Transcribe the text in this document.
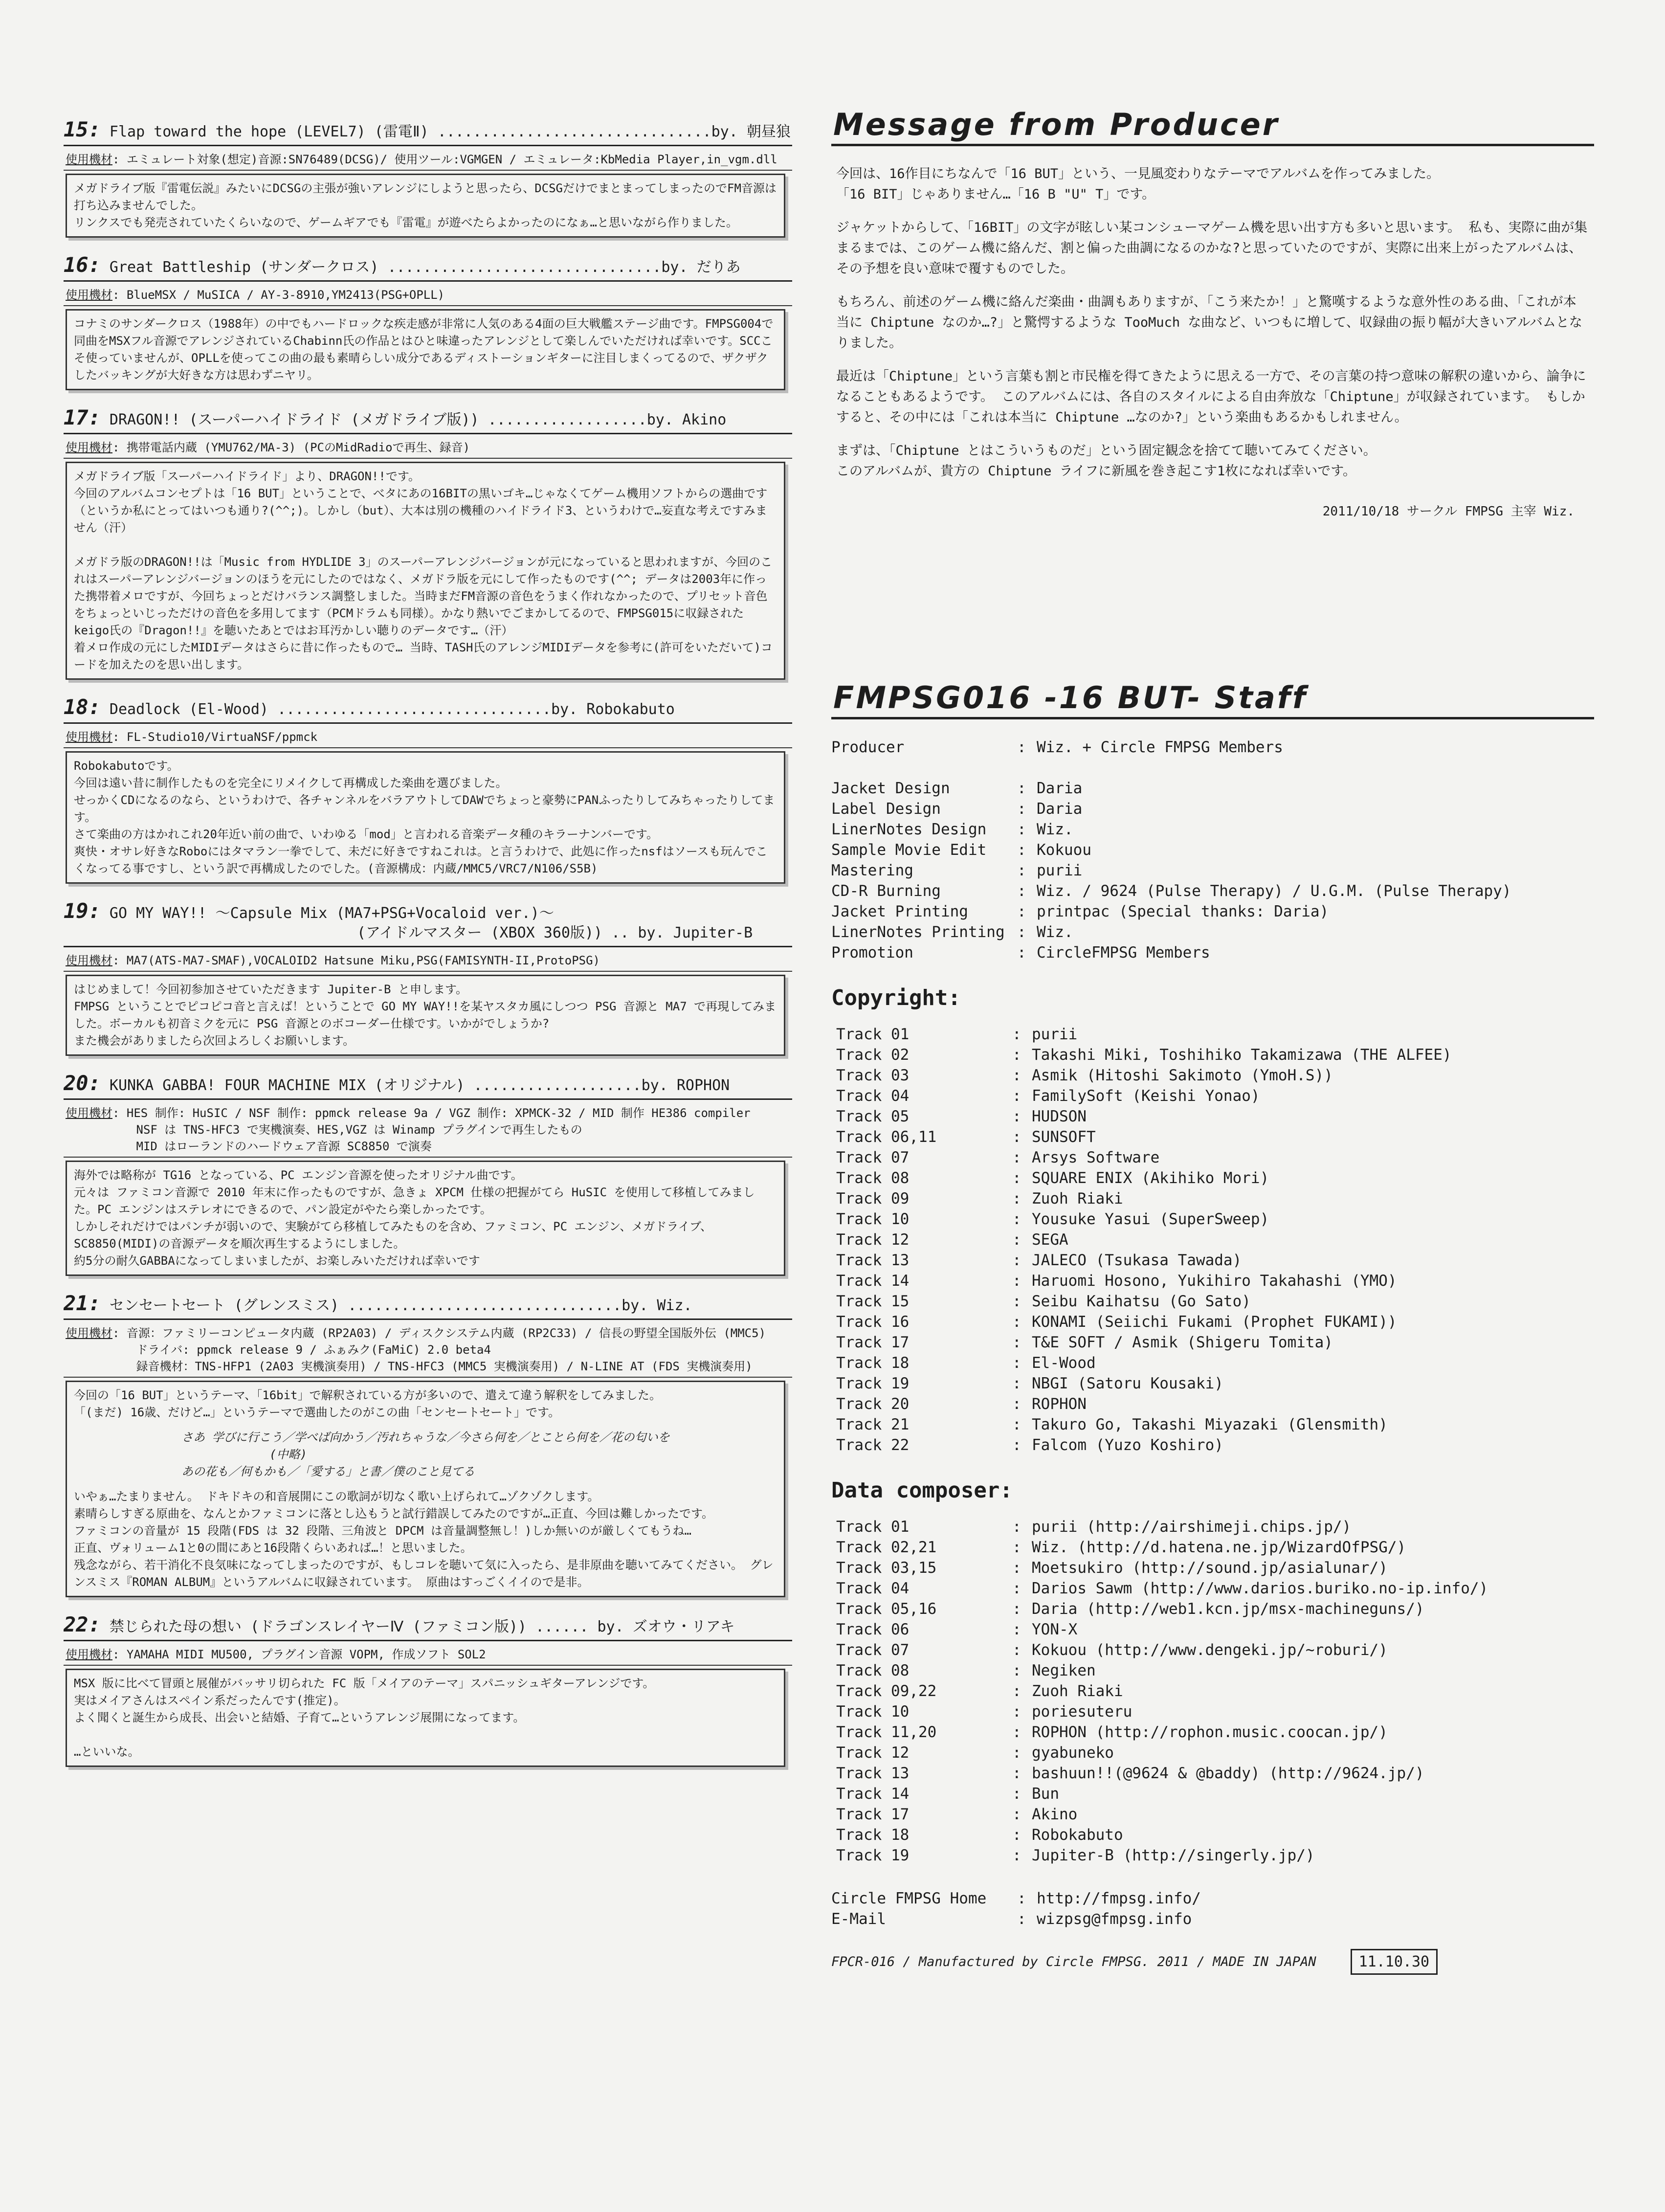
15: Flap toward the hope (LEVEL7) (雷電Ⅱ) ...............................by. 朝昼狼
使用機材: エミュレート対象(想定)音源:SN76489(DCSG)/ 使用ツール:VGMGEN / エミュレータ:KbMedia Player,in_vgm.dll
メガドライブ版『雷電伝説』みたいにDCSGの主張が強いアレンジにしようと思ったら、DCSGだけでまとまってしまったのでFM音源は打ち込みませんでした。
リンクスでも発売されていたくらいなので、ゲームギアでも『雷電』が遊べたらよかったのになぁ…と思いながら作りました。
16: Great Battleship (サンダークロス) ...............................by. だりあ
使用機材: BlueMSX / MuSICA / AY-3-8910,YM2413(PSG+OPLL)
コナミのサンダークロス（1988年）の中でもハードロックな疾走感が非常に人気のある4面の巨大戦艦ステージ曲です。FMPSG004で同曲をMSXフル音源でアレンジされているChabinn氏の作品とはひと味違ったアレンジとして楽しんでいただければ幸いです。SCCこそ使っていませんが、OPLLを使ってこの曲の最も素晴らしい成分であるディストーションギターに注目しまくってるので、ザクザクしたバッキングが大好きな方は思わずニヤリ。
17: DRAGON!! (スーパーハイドライド (メガドライブ版)) ..................by. Akino
使用機材: 携帯電話内蔵 (YMU762/MA-3) (PCのMidRadioで再生、録音)
メガドライブ版「スーパーハイドライド」より、DRAGON!!です。
今回のアルバムコンセプトは「16 BUT」ということで、べタにあの16BITの黒いゴキ…じゃなくてゲーム機用ソフトからの選曲です（というか私にとってはいつも通り?(^^;)。しかし（but）、大本は別の機種のハイドライド3、というわけで…妄直な考えですみません（汗）

メガドラ版のDRAGON!!は「Music from HYDLIDE 3」のスーパーアレンジバージョンが元になっていると思われますが、今回のこれはスーパーアレンジバージョンのほうを元にしたのではなく、メガドラ版を元にして作ったものです(^^; データは2003年に作った携帯着メロですが、今回ちょっとだけバランス調整しました。当時まだFM音源の音色をうまく作れなかったので、プリセット音色をちょっといじっただけの音色を多用してます（PCMドラムも同様）。かなり熱いでごまかしてるので、FMPSG015に収録されたkeigo氏の『Dragon!!』を聴いたあとではお耳汚かしい聴りのデータです…（汗）
着メロ作成の元にしたMIDIデータはさらに昔に作ったもので… 当時、TASH氏のアレンジMIDIデータを参考に(許可をいただいて)コードを加えたのを思い出します。
18: Deadlock (El-Wood) ...............................by. Robokabuto
使用機材: FL-Studio10/VirtuaNSF/ppmck
Robokabutoです。
今回は遠い昔に制作したものを完全にリメイクして再構成した楽曲を選びました。
せっかくCDになるのなら、というわけで、各チャンネルをバラアウトしてDAWでちょっと豪勢にPANふったりしてみちゃったりしてます。
さて楽曲の方はかれこれ20年近い前の曲で、いわゆる「mod」と言われる音楽データ種のキラーナンバーです。
爽快・オサレ好きなRoboにはタマラン一拳でして、未だに好きですねこれは。と言うわけで、此処に作ったnsfはソースも玩んでこくなってる事ですし、という訳で再構成したのでした。(音源構成：内蔵/MMC5/VRC7/N106/S5B)
19: GO MY WAY!! ～Capsule Mix (MA7+PSG+Vocaloid ver.)～
(アイドルマスター (XBOX 360版)) .. by. Jupiter-B
使用機材: MA7(ATS-MA7-SMAF),VOCALOID2 Hatsune Miku,PSG(FAMISYNTH-II,ProtoPSG)
はじめまして！今回初参加させていただきます Jupiter-B と申します。
FMPSG ということでピコピコ音と言えば！ということで GO MY WAY!!を某ヤスタカ風にしつつ PSG 音源と MA7 で再現してみました。ボーカルも初音ミクを元に PSG 音源とのボコーダー仕様です。いかがでしょうか?
また機会がありましたら次回よろしくお願いします。
20: KUNKA GABBA! FOUR MACHINE MIX (オリジナル) ...................by. ROPHON
使用機材: HES 制作: HuSIC / NSF 制作: ppmck release 9a / VGZ 制作: XPMCK-32 / MID 制作 HE386 compiler
NSF は TNS-HFC3 で実機演奏、HES,VGZ は Winamp プラグインで再生したもの
MID はローランドのハードウェア音源 SC8850 で演奏
海外では略称が TG16 となっている、PC エンジン音源を使ったオリジナル曲です。
元々は ファミコン音源で 2010 年末に作ったものですが、急きょ XPCM 仕様の把握がてら HuSIC を使用して移植してみました。PC エンジンはステレオにできるので、パン設定がやたら楽しかったです。
しかしそれだけではパンチが弱いので、実験がてら移植してみたものを含め、ファミコン、PC エンジン、メガドライブ、SC8850(MIDI)の音源データを順次再生するようにしました。
約5分の耐久GABBAになってしまいましたが、お楽しみいただければ幸いです
21: センセートセート (グレンスミス) ...............................by. Wiz.
使用機材: 音源：ファミリーコンピュータ内蔵 (RP2A03) / ディスクシステム内蔵 (RP2C33) / 信長の野望全国版外伝 (MMC5)
ドライバ: ppmck release 9 / ふぁみク(FaMiC) 2.0 beta4
録音機材：TNS-HFP1 (2A03 実機演奏用) / TNS-HFC3 (MMC5 実機演奏用) / N-LINE AT (FDS 実機演奏用)
今回の「16 BUT」というテーマ、「16bit」で解釈されている方が多いので、遣えて違う解釈をしてみました。
「(まだ) 16歳、だけど…」というテーマで選曲したのがこの曲「センセートセート」です。
さあ 学びに行こう／学べば向かう／汚れちゃうな／今さら何を／とことら何を／花の匂いを
(中略)
あの花も／何もかも／「愛する」と書／僕のこと見てる
いやぁ…たまりません。 ドキドキの和音展開にこの歌詞が切なく歌い上げられて…ゾクゾクします。
素晴らしすぎる原曲を、なんとかファミコンに落とし込もうと試行錯誤してみたのですが…正直、今回は難しかったです。
ファミコンの音量が 15 段階(FDS は 32 段階、三角波と DPCM は音量調整無し！)しか無いのが厳しくてもうね…
正直、ヴォリューム1と0の間にあと16段階くらいあれば…！と思いました。
残念ながら、若干消化不良気味になってしまったのですが、もしコレを聴いて気に入ったら、是非原曲を聴いてみてください。 グレンスミス『ROMAN ALBUM』というアルバムに収録されています。 原曲はすっごくイイので是非。
22: 禁じられた母の想い (ドラゴンスレイヤーⅣ (ファミコン版)) ...... by. ズオウ・リアキ
使用機材: YAMAHA MIDI MU500, プラグイン音源 VOPM, 作成ソフト SOL2
MSX 版に比べて冒頭と展催がバッサリ切られた FC 版「メイアのテーマ」スパニッシュギターアレンジです。
実はメイアさんはスペイン系だったんです(推定)。
よく聞くと誕生から成長、出会いと結婚、子育て…というアレンジ展開になってます。

…といいな。
Message from Producer

今回は、16作目にちなんで「16 BUT」という、一見風変わりなテーマでアルバムを作ってみました。
「16 BIT」じゃありません…「16 B "U" T」です。

ジャケットからして、「16BIT」の文字が眩しい某コンシューマゲーム機を思い出す方も多いと思います。 私も、実際に曲が集まるまでは、このゲーム機に絡んだ、割と偏った曲調になるのかな?と思っていたのですが、実際に出来上がったアルバムは、その予想を良い意味で覆すものでした。

もちろん、前述のゲーム機に絡んだ楽曲・曲調もありますが、「こう来たか！」と驚嘆するような意外性のある曲、「これが本当に Chiptune なのか…?」と驚愕するような TooMuch な曲など、いつもに増して、収録曲の振り幅が大きいアルバムとなりました。

最近は「Chiptune」という言葉も割と市民権を得てきたように思える一方で、その言葉の持つ意味の解釈の違いから、論争になることもあるようです。 このアルバムには、各自のスタイルによる自由奔放な「Chiptune」が収録されています。 もしかすると、その中には「これは本当に Chiptune …なのか?」という楽曲もあるかもしれません。

まずは、「Chiptune とはこういうものだ」という固定観念を捨てて聴いてみてください。
このアルバムが、貴方の Chiptune ライフに新風を巻き起こす1枚になれば幸いです。

2011/10/18 サークル FMPSG 主宰 Wiz.
FMPSG016 -16 BUT- Staff
Producer	: Wiz. + Circle FMPSG Members
Jacket Design	: Daria
Label Design	: Daria
LinerNotes Design	: Wiz.
Sample Movie Edit	: Kokuou
Mastering	: purii
CD-R Burning	: Wiz. / 9624 (Pulse Therapy) / U.G.M. (Pulse Therapy)
Jacket Printing	: printpac (Special thanks: Daria)
LinerNotes Printing : Wiz.
Promotion	: CircleFMPSG Members
Copyright:
Track 01	: purii
Track 02	: Takashi Miki, Toshihiko Takamizawa (THE ALFEE)
Track 03	: Asmik (Hitoshi Sakimoto (YmoH.S))
Track 04	: FamilySoft (Keishi Yonao)
Track 05	: HUDSON
Track 06,11	: SUNSOFT
Track 07	: Arsys Software
Track 08	: SQUARE ENIX (Akihiko Mori)
Track 09	: Zuoh Riaki
Track 10	: Yousuke Yasui (SuperSweep)
Track 12	: SEGA
Track 13	: JALECO (Tsukasa Tawada)
Track 14	: Haruomi Hosono, Yukihiro Takahashi (YMO)
Track 15	: Seibu Kaihatsu (Go Sato)
Track 16	: KONAMI (Seiichi Fukami (Prophet FUKAMI))
Track 17	: T&E SOFT / Asmik (Shigeru Tomita)
Track 18	: El-Wood
Track 19	: NBGI (Satoru Kousaki)
Track 20	: ROPHON
Track 21	: Takuro Go, Takashi Miyazaki (Glensmith)
Track 22	: Falcom (Yuzo Koshiro)
Data composer:
Track 01	: purii (http://airshimeji.chips.jp/)
Track 02,21	: Wiz. (http://d.hatena.ne.jp/WizardOfPSG/)
Track 03,15	: Moetsukiro (http://sound.jp/asialunar/)
Track 04	: Darios Sawm (http://www.darios.buriko.no-ip.info/)
Track 05,16	: Daria (http://web1.kcn.jp/msx-machineguns/)
Track 06	: YON-X
Track 07	: Kokuou (http://www.dengeki.jp/~roburi/)
Track 08	: Negiken
Track 09,22	: Zuoh Riaki
Track 10	: poriesuteru
Track 11,20	: ROPHON (http://rophon.music.coocan.jp/)
Track 12	: gyabuneko
Track 13	: bashuun!!(@9624 & @baddy) (http://9624.jp/)
Track 14	: Bun
Track 17	: Akino
Track 18	: Robokabuto
Track 19	: Jupiter-B (http://singerly.jp/)
Circle FMPSG Home	: http://fmpsg.info/
E-Mail	: wizpsg@fmpsg.info
FPCR-016 / Manufactured by Circle FMPSG. 2011 / MADE IN JAPAN	11.10.30
